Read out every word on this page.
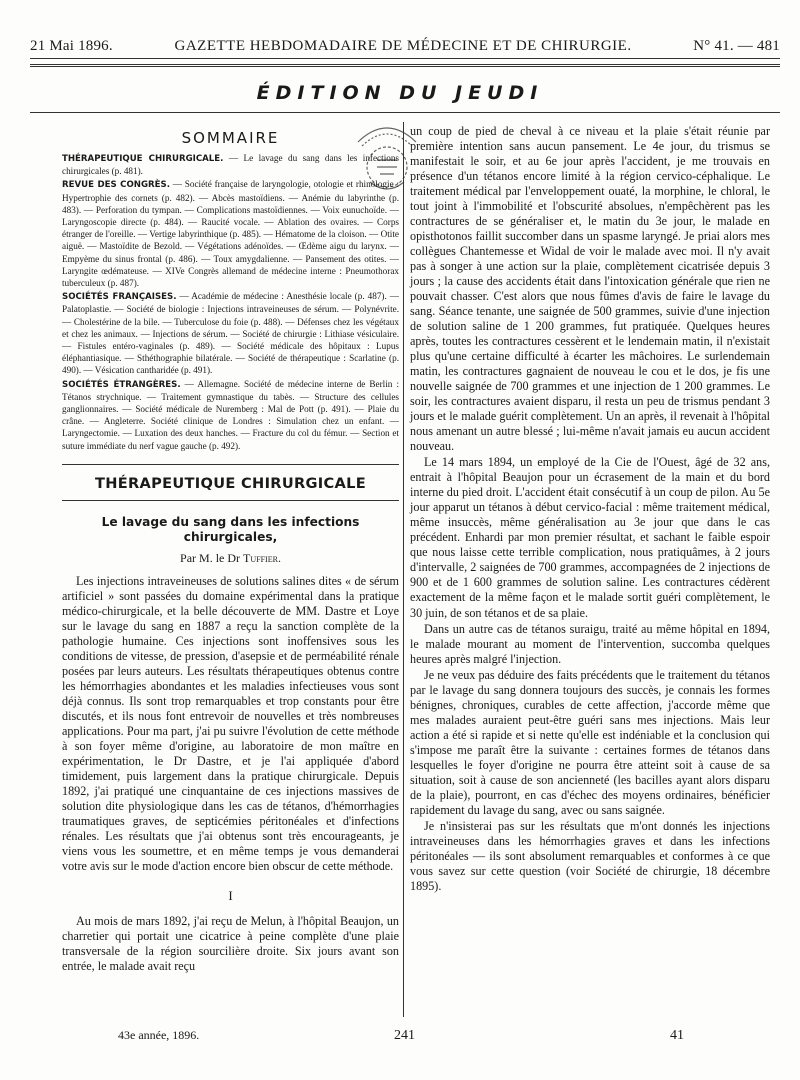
21 Mai 1896.	GAZETTE HEBDOMADAIRE DE MÉDECINE ET DE CHIRURGIE.	N° 41. — 481
ÉDITION DU JEUDI
SOMMAIRE

THÉRAPEUTIQUE CHIRURGICALE. — Le lavage du sang dans les infections chirurgicales (p. 481).

REVUE DES CONGRÈS. — Société française de laryngologie, otologie et rhinologie : Hypertrophie des cornets (p. 482). — Abcès mastoïdiens. — Anémie du labyrinthe (p. 483). — Perforation du tympan. — Complications mastoïdiennes. — Voix eunuchoïde. — Laryngoscopie directe (p. 484). — Raucité vocale. — Ablation des ovaires. — Corps étranger de l'oreille. — Vertige labyrinthique (p. 485). — Hématome de la cloison. — Otite aiguë. — Mastoïdite de Bezold. — Végétations adénoïdes. — Œdème aigu du larynx. — Empyème du sinus frontal (p. 486). — Toux amygdalienne. — Pansement des otites. — Laryngite œdémateuse. — XIVe Congrès allemand de médecine interne : Pneumothorax tuberculeux (p. 487).

SOCIÉTÉS FRANÇAISES. — Académie de médecine : Anesthésie locale (p. 487). — Palatoplastie. — Société de biologie : Injections intraveineuses de sérum. — Polynévrite. — Cholestérine de la bile. — Tuberculose du foie (p. 488). — Défenses chez les végétaux et chez les animaux. — Injections de sérum. — Société de chirurgie : Lithiase vésiculaire. — Fistules entéro-vaginales (p. 489). — Société médicale des hôpitaux : Lupus éléphantiasique. — Sthéthographie bilatérale. — Société de thérapeutique : Scarlatine (p. 490). — Vésication cantharidée (p. 491).

SOCIÉTÉS ÉTRANGÈRES. — Allemagne. Société de médecine interne de Berlin : Tétanos strychnique. — Traitement gymnastique du tabès. — Structure des cellules ganglionnaires. — Société médicale de Nuremberg : Mal de Pott (p. 491). — Plaie du crâne. — Angleterre. Société clinique de Londres : Simulation chez un enfant. — Laryngectomie. — Luxation des deux hanches. — Fracture du col du fémur. — Section et suture immédiate du nerf vague gauche (p. 492).

THÉRAPEUTIQUE CHIRURGICALE
Le lavage du sang dans les infections chirurgicales,
Par M. le Dr Tuffier.

Les injections intraveineuses de solutions salines dites « de sérum artificiel » sont passées du domaine expérimental dans la pratique médico-chirurgicale, et la belle découverte de MM. Dastre et Loye sur le lavage du sang en 1887 a reçu la sanction complète de la pathologie humaine. Ces injections sont inoffensives sous les conditions de vitesse, de pression, d'asepsie et de perméabilité rénale posées par leurs auteurs. Les résultats thérapeutiques obtenus contre les hémorrhagies abondantes et les maladies infectieuses vous sont déjà connus. Ils sont trop remarquables et trop constants pour être discutés, et ils nous font entrevoir de nouvelles et très nombreuses applications. Pour ma part, j'ai pu suivre l'évolution de cette méthode à son foyer même d'origine, au laboratoire de mon maître en expérimentation, le Dr Dastre, et je l'ai appliquée d'abord timidement, puis largement dans la pratique chirurgicale. Depuis 1892, j'ai pratiqué une cinquantaine de ces injections massives de solution dite physiologique dans les cas de tétanos, d'hémorrhagies traumatiques graves, de septicémies péritonéales et d'infections rénales. Les résultats que j'ai obtenus sont très encourageants, je viens vous les soumettre, et en même temps je vous demanderai votre avis sur le mode d'action encore bien obscur de cette méthode.

I

Au mois de mars 1892, j'ai reçu de Melun, à l'hôpital Beaujon, un charretier qui portait une cicatrice à peine complète d'une plaie transversale de la région sourcilière droite. Six jours avant son entrée, le malade avait reçu

un coup de pied de cheval à ce niveau et la plaie s'était réunie par première intention sans aucun pansement. Le 4e jour, du trismus se manifestait le soir, et au 6e jour après l'accident, je me trouvais en présence d'un tétanos encore limité à la région cervico-céphalique. Le traitement médical par l'enveloppement ouaté, la morphine, le chloral, le tout joint à l'immobilité et l'obscurité absolues, n'empêchèrent pas les contractures de se généraliser et, le matin du 3e jour, le malade en opisthotonos faillit succomber dans un spasme laryngé. Je priai alors mes collègues Chantemesse et Widal de voir le malade avec moi. Il n'y avait pas à songer à une action sur la plaie, complètement cicatrisée depuis 3 jours ; la cause des accidents était dans l'intoxication générale que rien ne pouvait chasser. C'est alors que nous fûmes d'avis de faire le lavage du sang. Séance tenante, une saignée de 500 grammes, suivie d'une injection de solution saline de 1 200 grammes, fut pratiquée. Quelques heures après, toutes les contractures cessèrent et le lendemain matin, il n'existait plus qu'une certaine difficulté à écarter les mâchoires. Le surlendemain matin, les contractures gagnaient de nouveau le cou et le dos, je fis une nouvelle saignée de 700 grammes et une injection de 1 200 grammes. Le soir, les contractures avaient disparu, il resta un peu de trismus pendant 3 jours et le malade guérit complètement. Un an après, il revenait à l'hôpital nous amenant un autre blessé ; lui-même n'avait jamais eu aucun accident nouveau.

Le 14 mars 1894, un employé de la Cie de l'Ouest, âgé de 32 ans, entrait à l'hôpital Beaujon pour un écrasement de la main et du bord interne du pied droit. L'accident était consécutif à un coup de pilon. Au 5e jour apparut un tétanos à début cervico-facial : même traitement médical, même insuccès, même généralisation au 3e jour que dans le cas précédent. Enhardi par mon premier résultat, et sachant le faible espoir que nous laisse cette terrible complication, nous pratiquâmes, à 2 jours d'intervalle, 2 saignées de 700 grammes, accompagnées de 2 injections de 900 et de 1 600 grammes de solution saline. Les contractures cédèrent exactement de la même façon et le malade sortit guéri complètement, le 30 juin, de son tétanos et de sa plaie.

Dans un autre cas de tétanos suraigu, traité au même hôpital en 1894, le malade mourant au moment de l'intervention, succomba quelques heures après malgré l'injection.

Je ne veux pas déduire des faits précédents que le traitement du tétanos par le lavage du sang donnera toujours des succès, je connais les formes bénignes, chroniques, curables de cette affection, j'accorde même que mes malades auraient peut-être guéri sans mes injections. Mais leur action a été si rapide et si nette qu'elle est indéniable et la conclusion qui s'impose me paraît être la suivante : certaines formes de tétanos dans lesquelles le foyer d'origine ne pourra être atteint soit à cause de sa situation, soit à cause de son ancienneté (les bacilles ayant alors disparu de la plaie), pourront, en cas d'échec des moyens ordinaires, bénéficier rapidement du lavage du sang, avec ou sans saignée.

Je n'insisterai pas sur les résultats que m'ont donnés les injections intraveineuses dans les hémorrhagies graves et dans les infections péritonéales — ils sont absolument remarquables et conformes à ce que vous savez sur cette question (voir Société de chirurgie, 18 décembre 1895).

43e année, 1896.	241	41
